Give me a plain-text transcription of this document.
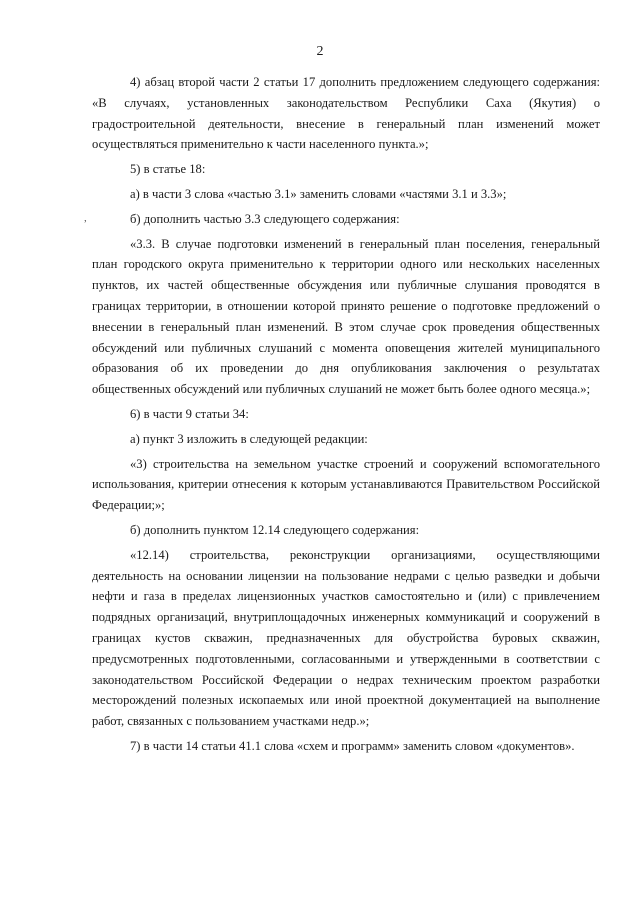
2
,

4) абзац второй части 2 статьи 17 дополнить предложением следующего содержания: «В случаях, установленных законодательством Республики Саха (Якутия) о градостроительной деятельности, внесение в генеральный план изменений может осуществляться применительно к части населенного пункта.»;

5) в статье 18:

а) в части 3 слова «частью 3.1» заменить словами «частями 3.1 и 3.3»;

б) дополнить частью 3.3 следующего содержания:

«3.3. В случае подготовки изменений в генеральный план поселения, генеральный план городского округа применительно к территории одного или нескольких населенных пунктов, их частей общественные обсуждения или публичные слушания проводятся в границах территории, в отношении которой принято решение о подготовке предложений о внесении в генеральный план изменений. В этом случае срок проведения общественных обсуждений или публичных слушаний с момента оповещения жителей муниципального образования об их проведении до дня опубликования заключения о результатах общественных обсуждений или публичных слушаний не может быть более одного месяца.»;

6) в части 9 статьи 34:

а) пункт 3 изложить в следующей редакции:

«3) строительства на земельном участке строений и сооружений вспомогательного использования, критерии отнесения к которым устанавливаются Правительством Российской Федерации;»;

б) дополнить пунктом 12.14 следующего содержания:

«12.14) строительства, реконструкции организациями, осуществляющими деятельность на основании лицензии на пользование недрами с целью разведки и добычи нефти и газа в пределах лицензионных участков самостоятельно и (или) с привлечением подрядных организаций, внутриплощадочных инженерных коммуникаций и сооружений в границах кустов скважин, предназначенных для обустройства буровых скважин, предусмотренных подготовленными, согласованными и утвержденными в соответствии с законодательством Российской Федерации о недрах техническим проектом разработки месторождений полезных ископаемых или иной проектной документацией на выполнение работ, связанных с пользованием участками недр.»;

7) в части 14 статьи 41.1 слова «схем и программ» заменить словом «документов».
